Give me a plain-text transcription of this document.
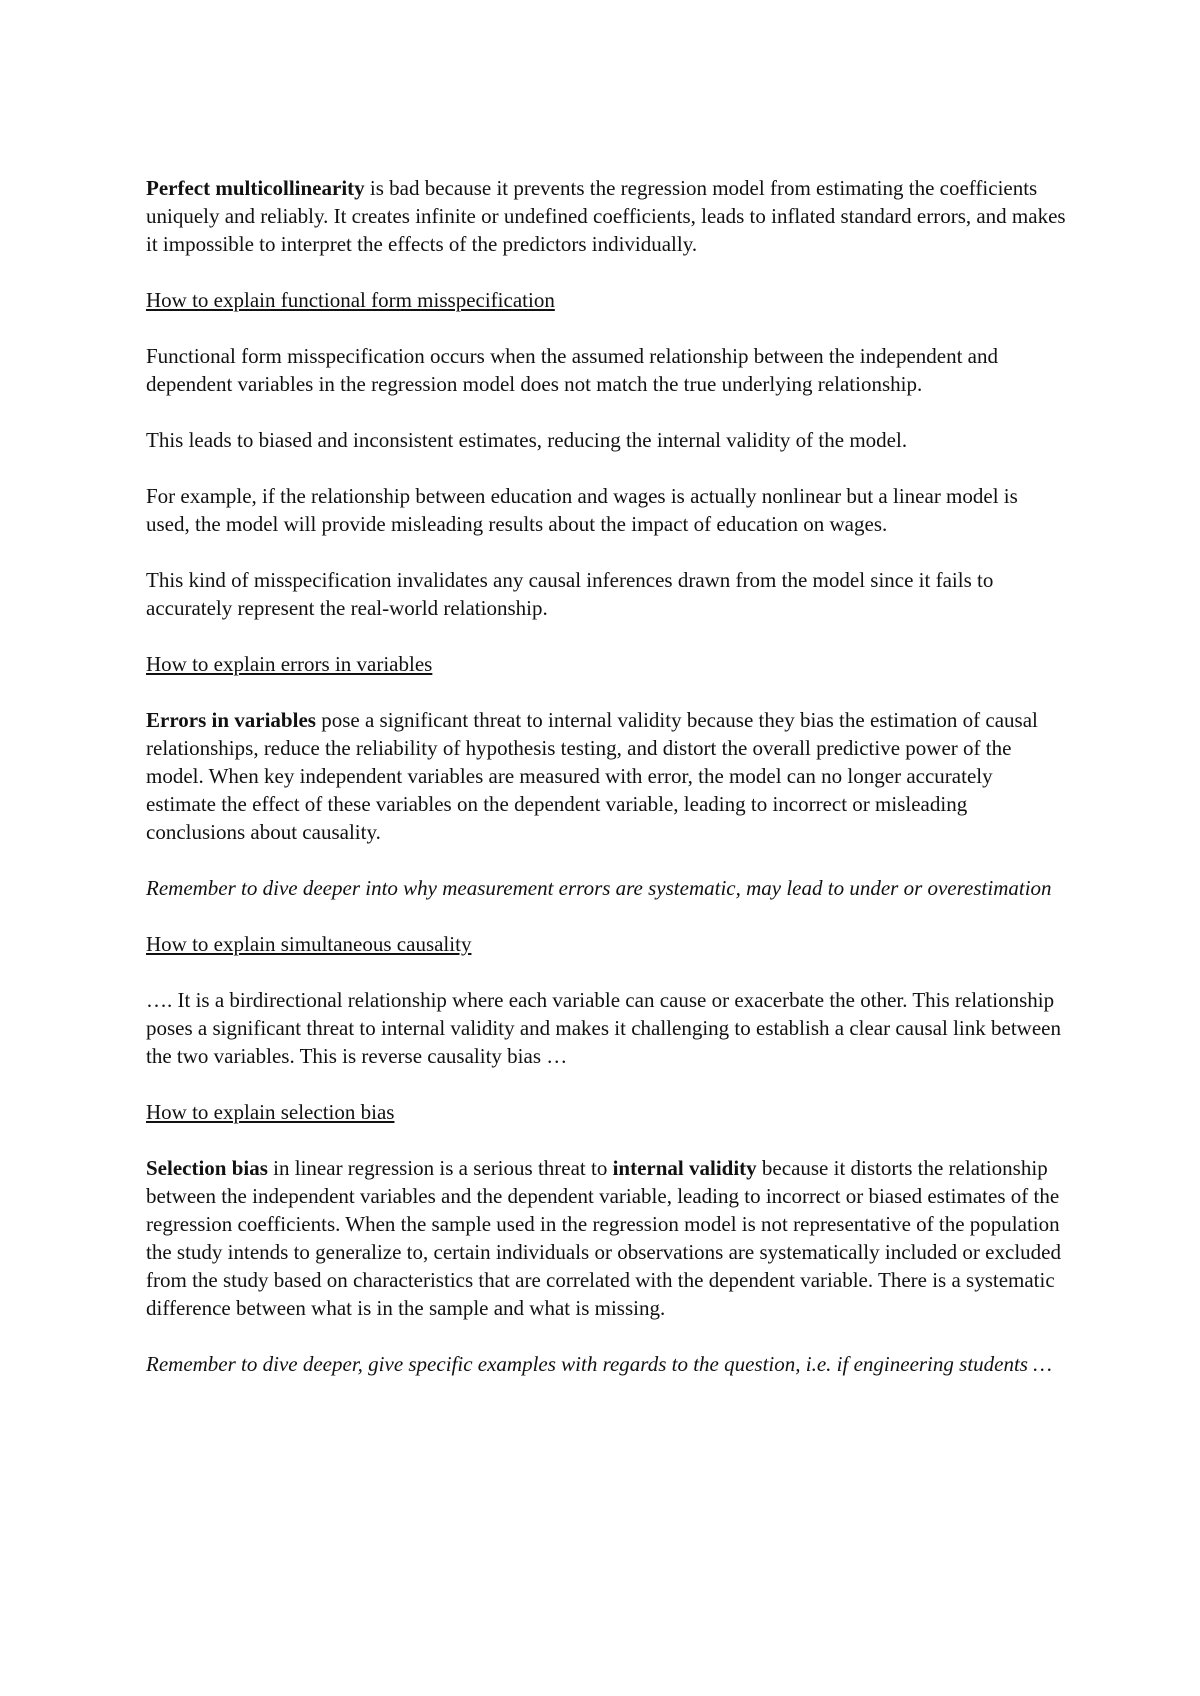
Perfect multicollinearity is bad because it prevents the regression model from estimating the coefficients uniquely and reliably. It creates infinite or undefined coefficients, leads to inflated standard errors, and makes it impossible to interpret the effects of the predictors individually.

How to explain functional form misspecification

Functional form misspecification occurs when the assumed relationship between the independent and dependent variables in the regression model does not match the true underlying relationship.

This leads to biased and inconsistent estimates, reducing the internal validity of the model.

For example, if the relationship between education and wages is actually nonlinear but a linear model is used, the model will provide misleading results about the impact of education on wages.

This kind of misspecification invalidates any causal inferences drawn from the model since it fails to accurately represent the real-world relationship.

How to explain errors in variables

Errors in variables pose a significant threat to internal validity because they bias the estimation of causal relationships, reduce the reliability of hypothesis testing, and distort the overall predictive power of the model. When key independent variables are measured with error, the model can no longer accurately estimate the effect of these variables on the dependent variable, leading to incorrect or misleading conclusions about causality.

Remember to dive deeper into why measurement errors are systematic, may lead to under or overestimation

How to explain simultaneous causality

…. It is a birdirectional relationship where each variable can cause or exacerbate the other. This relationship poses a significant threat to internal validity and makes it challenging to establish a clear causal link between the two variables. This is reverse causality bias …

How to explain selection bias

Selection bias in linear regression is a serious threat to internal validity because it distorts the relationship between the independent variables and the dependent variable, leading to incorrect or biased estimates of the regression coefficients. When the sample used in the regression model is not representative of the population the study intends to generalize to, certain individuals or observations are systematically included or excluded from the study based on characteristics that are correlated with the dependent variable. There is a systematic difference between what is in the sample and what is missing.

Remember to dive deeper, give specific examples with regards to the question, i.e. if engineering students …
